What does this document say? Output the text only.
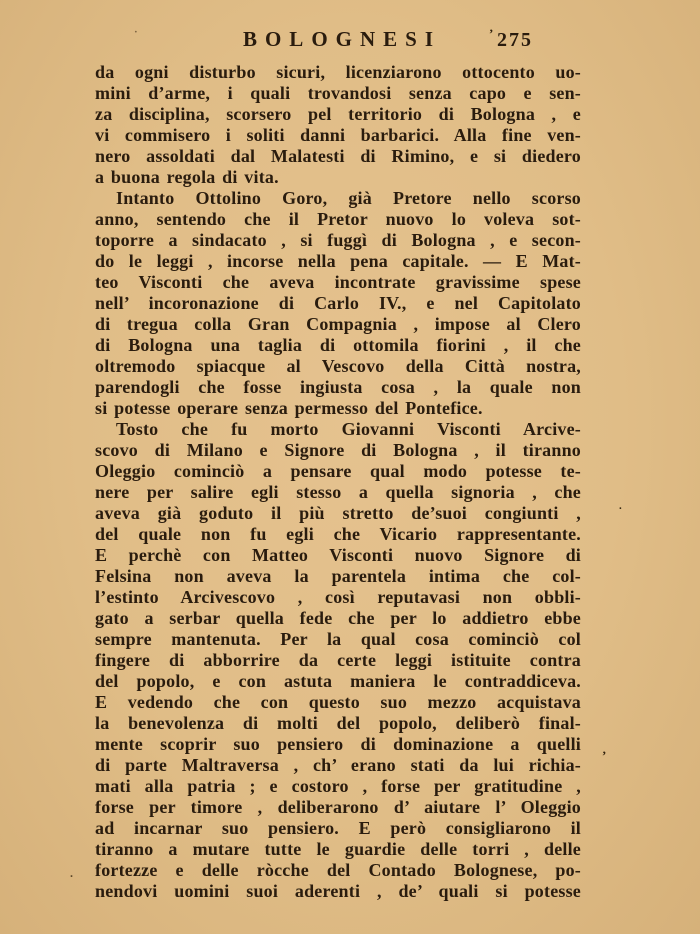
BOLOGNESI	275
da ogni disturbo sicuri, licenziarono ottocento uo-
mini d’arme, i quali trovandosi senza capo e sen-
za disciplina, scorsero pel territorio di Bologna , e
vi commisero i soliti danni barbarici. Alla fine ven-
nero assoldati dal Malatesti di Rimino, e si diedero
a buona regola di vita.
Intanto Ottolino Goro, già Pretore nello scorso
anno, sentendo che il Pretor nuovo lo voleva sot-
toporre a sindacato , si fuggì di Bologna , e secon-
do le leggi , incorse nella pena capitale. — E Mat-
teo Visconti che aveva incontrate gravissime spese
nell’ incoronazione di Carlo IV., e nel Capitolato
di tregua colla Gran Compagnia , impose al Clero
di Bologna una taglia di ottomila fiorini , il che
oltremodo spiacque al Vescovo della Città nostra,
parendogli che fosse ingiusta cosa , la quale non
si potesse operare senza permesso del Pontefice.
Tosto che fu morto Giovanni Visconti Arcive-
scovo di Milano e Signore di Bologna , il tiranno
Oleggio cominciò a pensare qual modo potesse te-
nere per salire egli stesso a quella signoria , che
aveva già goduto il più stretto de’suoi congiunti ,
del quale non fu egli che Vicario rappresentante.
E perchè con Matteo Visconti nuovo Signore di
Felsina non aveva la parentela intima che col-
l’estinto Arcivescovo , così reputavasi non obbli-
gato a serbar quella fede che per lo addietro ebbe
sempre mantenuta. Per la qual cosa cominciò col
fingere di abborrire da certe leggi istituite contra
del popolo, e con astuta maniera le contraddiceva.
E vedendo che con questo suo mezzo acquistava
la benevolenza di molti del popolo, deliberò final-
mente scoprir suo pensiero di dominazione a quelli
di parte Maltraversa , ch’ erano stati da lui richia-
mati alla patria ; e costoro , forse per gratitudine ,
forse per timore , deliberarono d’ aiutare l’ Oleggio
ad incarnar suo pensiero. E però consigliarono il
tiranno a mutare tutte le guardie delle torri , delle
fortezze e delle ròcche del Contado Bolognese, po-
nendovi uomini suoi aderenti , de’ quali si potesse
’
.
’
.
·
